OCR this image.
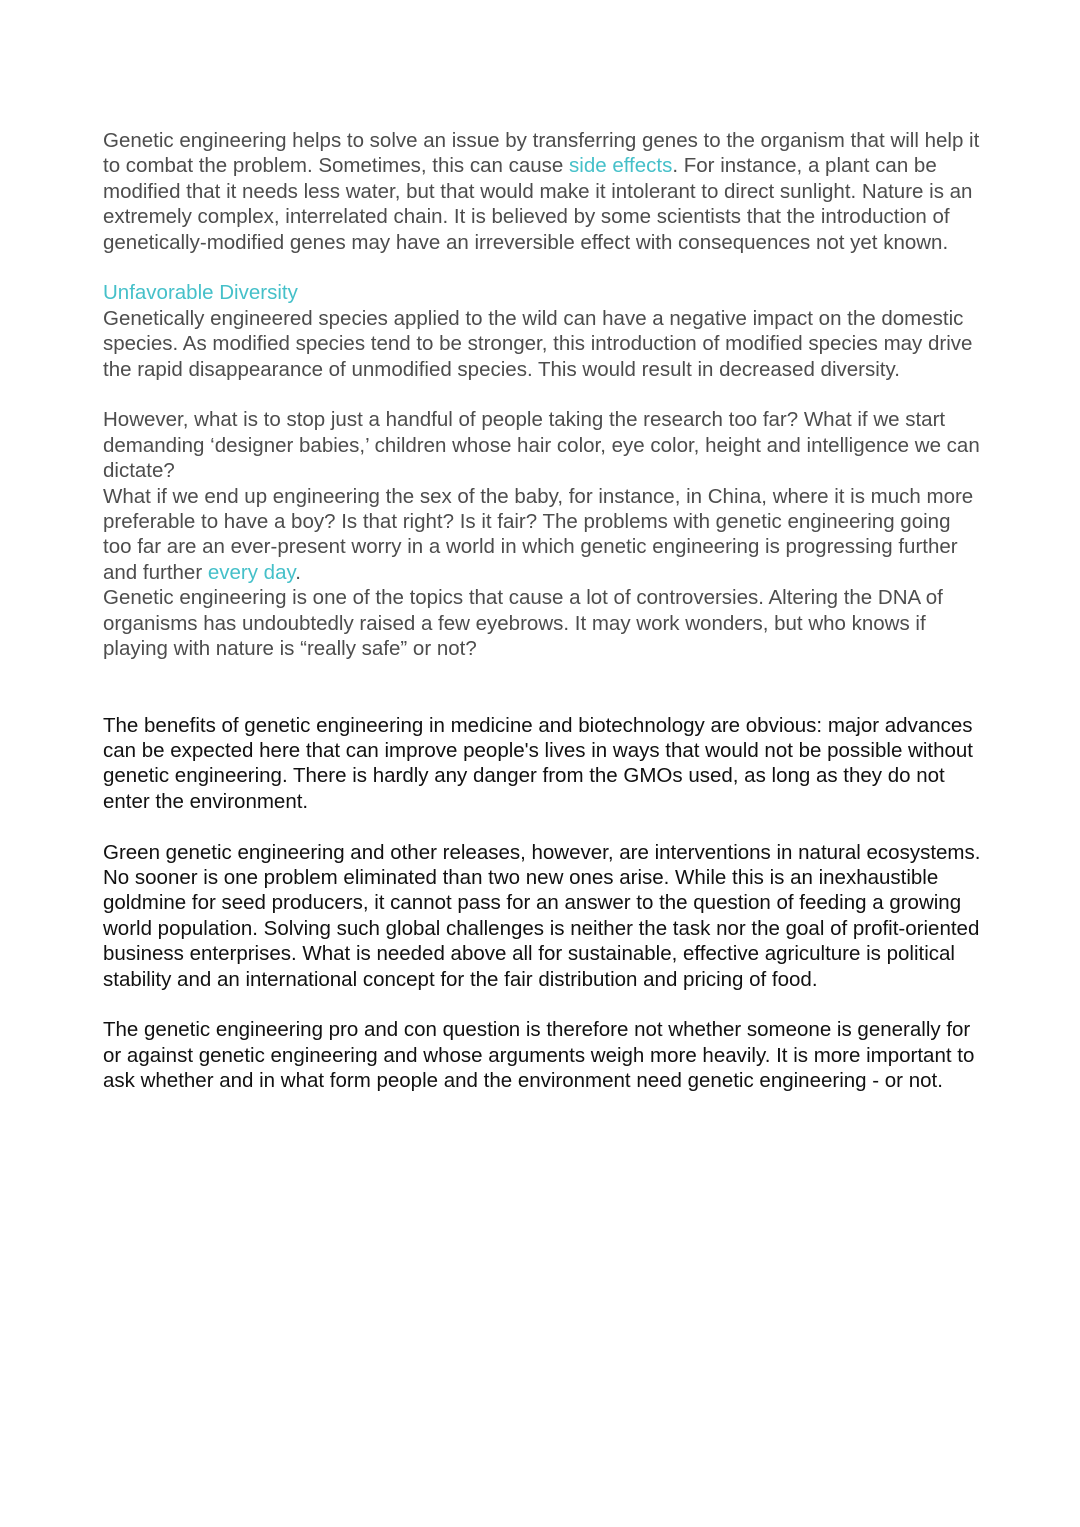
Genetic engineering helps to solve an issue by transferring genes to the organism that will help it to combat the problem. Sometimes, this can cause side effects. For instance, a plant can be modified that it needs less water, but that would make it intolerant to direct sunlight. Nature is an extremely complex, interrelated chain. It is believed by some scientists that the introduction of genetically-modified genes may have an irreversible effect with consequences not yet known.

Unfavorable Diversity

Genetically engineered species applied to the wild can have a negative impact on the domestic species. As modified species tend to be stronger, this introduction of modified species may drive the rapid disappearance of unmodified species. This would result in decreased diversity.

However, what is to stop just a handful of people taking the research too far? What if we start demanding ‘designer babies,’ children whose hair color, eye color, height and intelligence we can dictate?

What if we end up engineering the sex of the baby, for instance, in China, where it is much more preferable to have a boy? Is that right? Is it fair? The problems with genetic engineering going too far are an ever-present worry in a world in which genetic engineering is progressing further and further every day.

Genetic engineering is one of the topics that cause a lot of controversies. Altering the DNA of organisms has undoubtedly raised a few eyebrows. It may work wonders, but who knows if playing with nature is “really safe” or not?

The benefits of genetic engineering in medicine and biotechnology are obvious: major advances can be expected here that can improve people's lives in ways that would not be possible without genetic engineering. There is hardly any danger from the GMOs used, as long as they do not enter the environment.

Green genetic engineering and other releases, however, are interventions in natural ecosystems. No sooner is one problem eliminated than two new ones arise. While this is an inexhaustible goldmine for seed producers, it cannot pass for an answer to the question of feeding a growing world population. Solving such global challenges is neither the task nor the goal of profit-oriented business enterprises. What is needed above all for sustainable, effective agriculture is political stability and an international concept for the fair distribution and pricing of food.

The genetic engineering pro and con question is therefore not whether someone is generally for or against genetic engineering and whose arguments weigh more heavily. It is more important to ask whether and in what form people and the environment need genetic engineering - or not.
